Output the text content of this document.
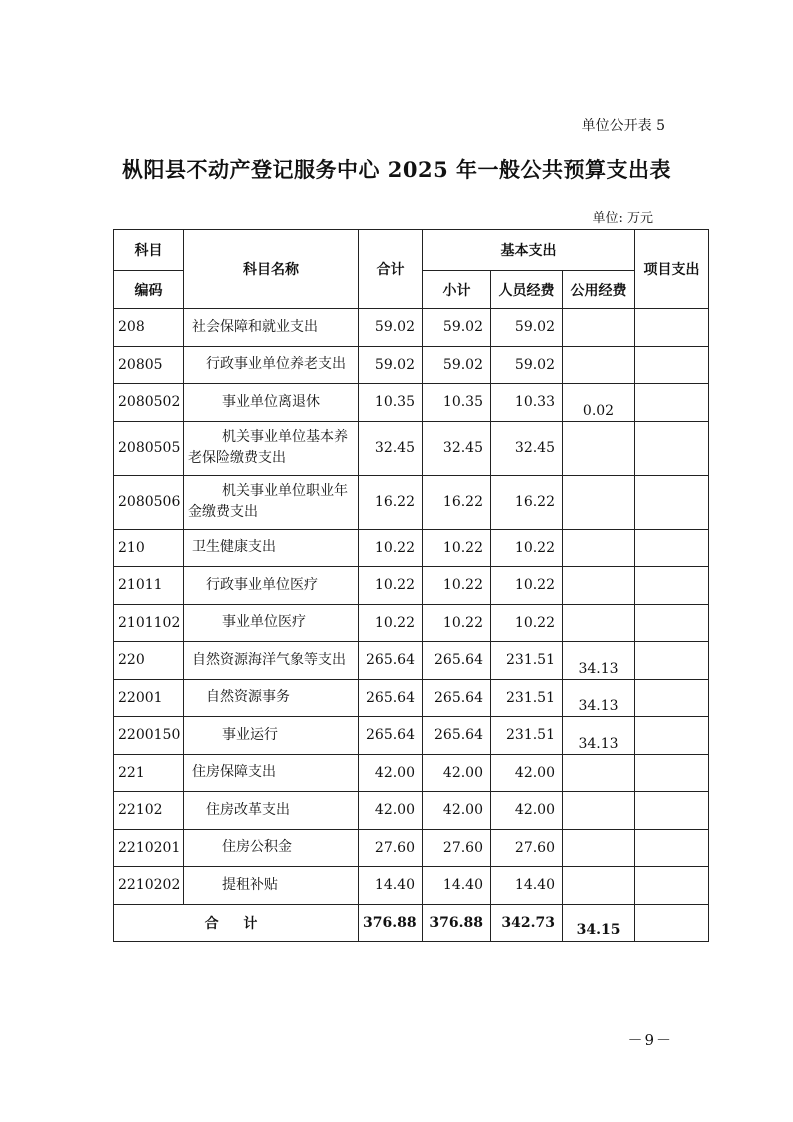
单位公开表 5
枞阳县不动产登记服务中心 2025 年一般公共预算支出表
单位: 万元
科目	科目名称	合计	基本支出			项目支出
编码			小计	人员经费	公用经费	
208	社会保障和就业支出	59.02	59.02	59.02		
20805	行政事业单位养老支出	59.02	59.02	59.02		
2080502	事业单位离退休	10.35	10.35	10.33	0.02	
2080505	机关事业单位基本养
老保险缴费支出	32.45	32.45	32.45		
2080506	机关事业单位职业年
金缴费支出	16.22	16.22	16.22		
210	卫生健康支出	10.22	10.22	10.22		
21011	行政事业单位医疗	10.22	10.22	10.22		
2101102	事业单位医疗	10.22	10.22	10.22		
220	自然资源海洋气象等支出	265.64	265.64	231.51	34.13	
22001	自然资源事务	265.64	265.64	231.51	34.13	
2200150	事业运行	265.64	265.64	231.51	34.13	
221	住房保障支出	42.00	42.00	42.00		
22102	住房改革支出	42.00	42.00	42.00		
2210201	住房公积金	27.60	27.60	27.60		
2210202	提租补贴	14.40	14.40	14.40		
合 计		376.88	376.88	342.73	34.15	
－9－
